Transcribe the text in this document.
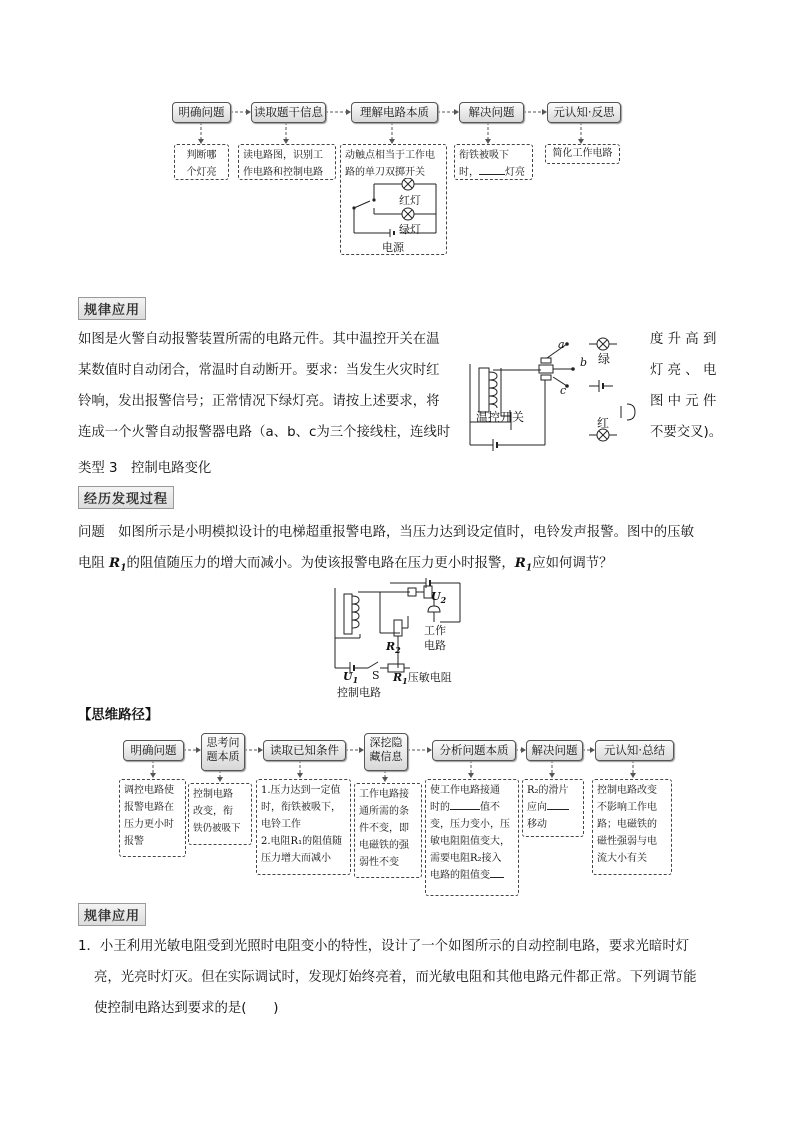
明确问题	读取题干信息	理解电路本质	解决问题	元认知·反思
判断哪
个灯亮
读电路图，识别工
作电路和控制电路
动触点相当于工作电
路的单刀双掷开关
衔铁被吸下
时，	灯亮
简化工作电路
红灯
绿灯
电源
规律应用
如图是火警自动报警装置所需的电路元件。其中温控开关在温
某数值时自动闭合，常温时自动断开。要求：当发生火灾时红
铃响，发出报警信号；正常情况下绿灯亮。请按上述要求，将
连成一个火警自动报警器电路（a、b、c为三个接线柱，连线时
度 升 高 到
灯 亮 、 电
图 中 元 件
不要交叉)。
a
b
c
绿
红
温控开关
类型 3　控制电路变化
经历发现过程
问题　如图所示是小明模拟设计的电梯超重报警电路，当压力达到设定值时，电铃发声报警。图中的压敏
电阻 $R_1$的阻值随压力的增大而减小。为使该报警电路在压力更小时报警，$R_1$应如何调节？
$U_2$
工作
电路
$R_2$
$U_1$ S $R_1$压敏电阻
控制电路
【思维路径】
明确问题
思考问
题本质	读取已知条件
深挖隐
藏信息	分析问题本质	解决问题	元认知·总结
调控电路使
报警电路在
压力更小时
报警
控制电路
改变，衔
铁仍被吸下
1.压力达到一定值
时，衔铁被吸下，
电铃工作
2.电阻R₁的阻值随
压力增大而减小
工作电路接
通所需的条
件不变，即
电磁铁的强
弱性不变
使工作电路接通
时的	值不
变，压力变小，压
敏电阻阻值变大，
需要电阻R₂接入
电路的阻值变
R₂的滑片
应向
移动
控制电路改变
不影响工作电
路；电磁铁的
磁性强弱与电
流大小有关
规律应用
1．小王利用光敏电阻受到光照时电阻变小的特性，设计了一个如图所示的自动控制电路，要求光暗时灯
亮，光亮时灯灭。但在实际调试时，发现灯始终亮着，而光敏电阻和其他电路元件都正常。下列调节能
使控制电路达到要求的是(　　)
